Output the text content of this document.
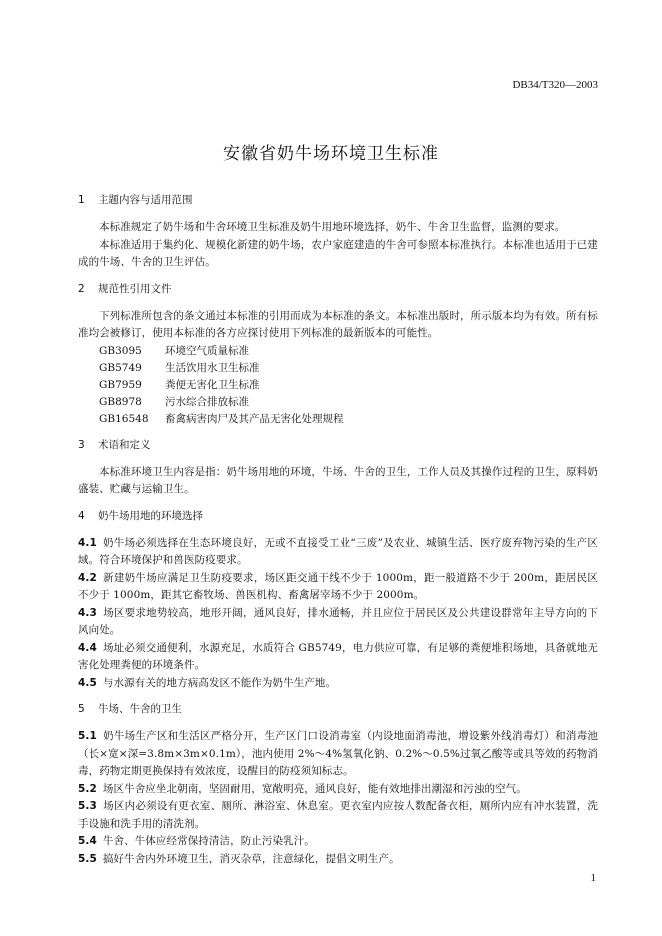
DB34/T320—2003
安徽省奶牛场环境卫生标准
1 主题内容与适用范围

本标准规定了奶牛场和牛舍环境卫生标准及奶牛用地环境选择，奶牛、牛舍卫生监督，监测的要求。

本标准适用于集约化、规模化新建的奶牛场，农户家庭建造的牛舍可参照本标准执行。本标准也适用于已建成的牛场、牛舍的卫生评估。

2 规范性引用文件

下列标准所包含的条文通过本标准的引用而成为本标准的条文。本标准出版时，所示版本均为有效。所有标准均会被修订，使用本标准的各方应探讨使用下列标准的最新版本的可能性。

GB3095	环境空气质量标准
GB5749	生活饮用水卫生标准
GB7959	粪便无害化卫生标准
GB8978	污水综合排放标准
GB16548	畜禽病害肉尸及其产品无害化处理规程
3 术语和定义

本标准环境卫生内容是指：奶牛场用地的环境，牛场、牛舍的卫生，工作人员及其操作过程的卫生，原料奶盛装、贮藏与运输卫生。

4 奶牛场用地的环境选择

4.1 奶牛场必须选择在生态环境良好，无或不直接受工业“三废”及农业、城镇生活、医疗废弃物污染的生产区域。符合环境保护和兽医防疫要求。

4.2 新建奶牛场应满足卫生防疫要求，场区距交通干线不少于 1000m，距一般道路不少于 200m，距居民区不少于 1000m，距其它畜牧场、兽医机构、畜禽屠宰场不少于 2000m。

4.3 场区要求地势较高，地形开阔，通风良好，排水通畅，并且应位于居民区及公共建设群常年主导方向的下风向处。

4.4 场址必须交通便利，水源充足，水质符合 GB5749，电力供应可靠，有足够的粪便堆积场地，具备就地无害化处理粪便的环境条件。

4.5 与水源有关的地方病高发区不能作为奶牛生产地。

5 牛场、牛舍的卫生

5.1 奶牛场生产区和生活区严格分开，生产区门口设消毒室（内设地面消毒池，增设紫外线消毒灯）和消毒池（长×宽×深=3.8m×3m×0.1m），池内使用 2%～4%氢氧化钠、0.2%～0.5%过氧乙酸等或具等效的药物消毒，药物定期更换保持有效浓度，设醒目的防疫须知标志。

5.2 场区牛舍应坐北朝南，坚固耐用，宽敞明亮，通风良好，能有效地排出潮湿和污浊的空气。

5.3 场区内必须设有更衣室、厕所、淋浴室、休息室。更衣室内应按人数配备衣柜，厕所内应有冲水装置，洗手设施和洗手用的清洗剂。

5.4 牛舍、牛体应经常保持清洁，防止污染乳汁。

5.5 搞好牛舍内外环境卫生，消灭杂草，注意绿化，提倡文明生产。

1
